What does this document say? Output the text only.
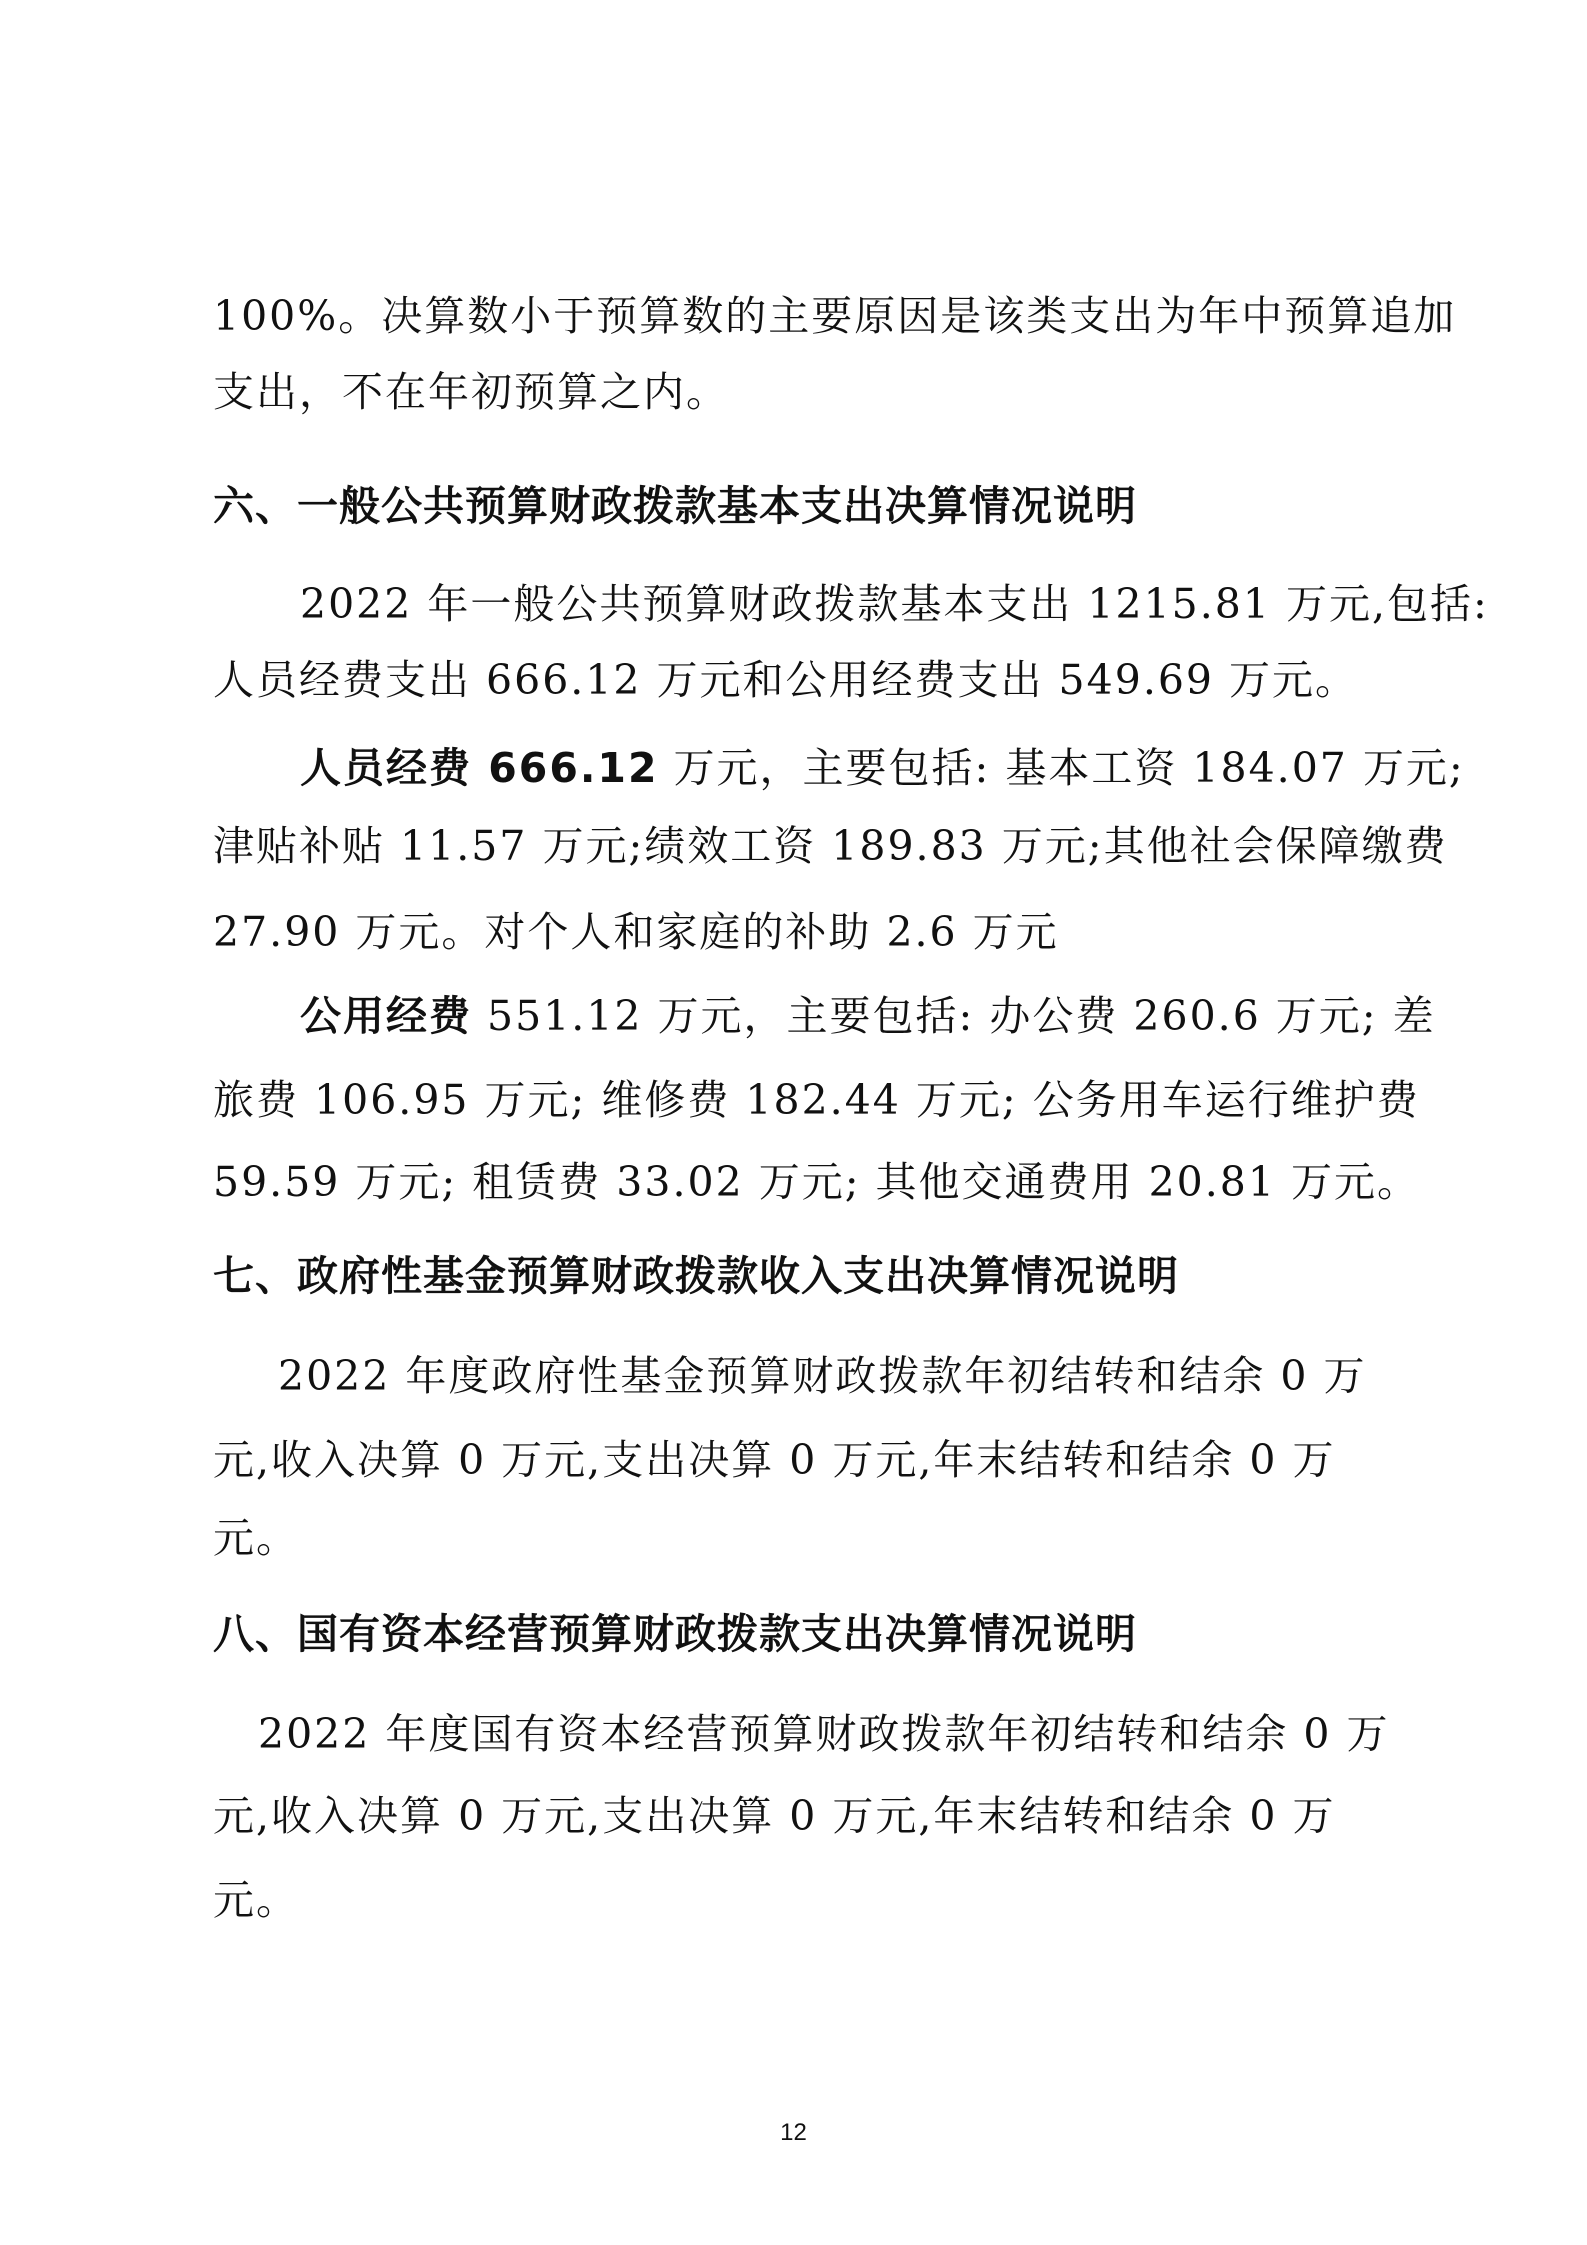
100%。决算数小于预算数的主要原因是该类支出为年中预算追加
支出，不在年初预算之内。
六、一般公共预算财政拨款基本支出决算情况说明
2022 年一般公共预算财政拨款基本支出 1215.81 万元,包括:
人员经费支出 666.12 万元和公用经费支出 549.69 万元。
人员经费 666.12 万元，主要包括: 基本工资 184.07 万元;
津贴补贴 11.57 万元;绩效工资 189.83 万元;其他社会保障缴费
27.90 万元。对个人和家庭的补助 2.6 万元
公用经费 551.12 万元，主要包括: 办公费 260.6 万元; 差
旅费 106.95 万元; 维修费 182.44 万元; 公务用车运行维护费
59.59 万元; 租赁费 33.02 万元; 其他交通费用 20.81 万元。
七、政府性基金预算财政拨款收入支出决算情况说明
2022 年度政府性基金预算财政拨款年初结转和结余 0 万
元,收入决算 0 万元,支出决算 0 万元,年末结转和结余 0 万
元。
八、国有资本经营预算财政拨款支出决算情况说明
2022 年度国有资本经营预算财政拨款年初结转和结余 0 万
元,收入决算 0 万元,支出决算 0 万元,年末结转和结余 0 万
元。
12
